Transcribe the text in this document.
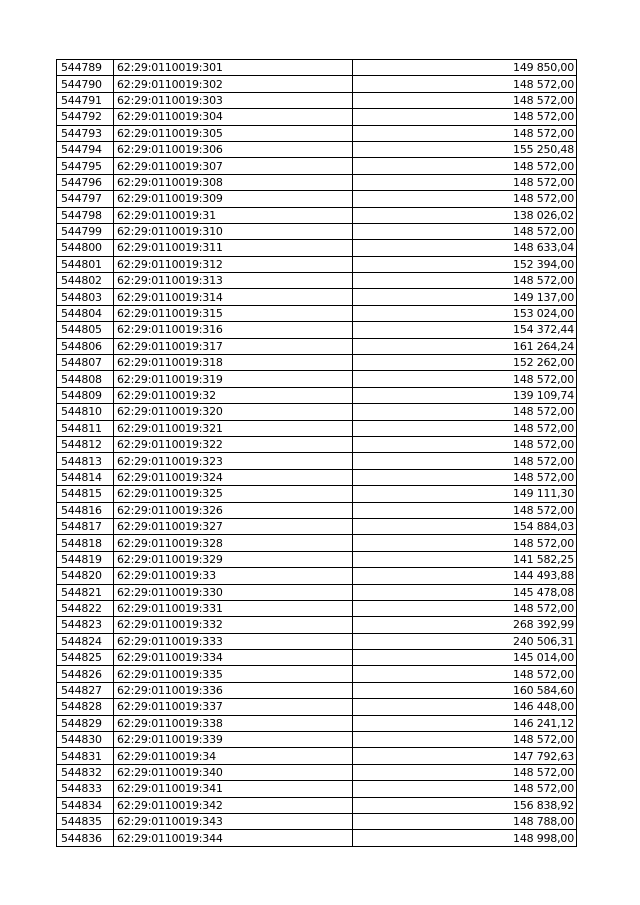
544789	62:29:0110019:301	149 850,00
544790	62:29:0110019:302	148 572,00
544791	62:29:0110019:303	148 572,00
544792	62:29:0110019:304	148 572,00
544793	62:29:0110019:305	148 572,00
544794	62:29:0110019:306	155 250,48
544795	62:29:0110019:307	148 572,00
544796	62:29:0110019:308	148 572,00
544797	62:29:0110019:309	148 572,00
544798	62:29:0110019:31	138 026,02
544799	62:29:0110019:310	148 572,00
544800	62:29:0110019:311	148 633,04
544801	62:29:0110019:312	152 394,00
544802	62:29:0110019:313	148 572,00
544803	62:29:0110019:314	149 137,00
544804	62:29:0110019:315	153 024,00
544805	62:29:0110019:316	154 372,44
544806	62:29:0110019:317	161 264,24
544807	62:29:0110019:318	152 262,00
544808	62:29:0110019:319	148 572,00
544809	62:29:0110019:32	139 109,74
544810	62:29:0110019:320	148 572,00
544811	62:29:0110019:321	148 572,00
544812	62:29:0110019:322	148 572,00
544813	62:29:0110019:323	148 572,00
544814	62:29:0110019:324	148 572,00
544815	62:29:0110019:325	149 111,30
544816	62:29:0110019:326	148 572,00
544817	62:29:0110019:327	154 884,03
544818	62:29:0110019:328	148 572,00
544819	62:29:0110019:329	141 582,25
544820	62:29:0110019:33	144 493,88
544821	62:29:0110019:330	145 478,08
544822	62:29:0110019:331	148 572,00
544823	62:29:0110019:332	268 392,99
544824	62:29:0110019:333	240 506,31
544825	62:29:0110019:334	145 014,00
544826	62:29:0110019:335	148 572,00
544827	62:29:0110019:336	160 584,60
544828	62:29:0110019:337	146 448,00
544829	62:29:0110019:338	146 241,12
544830	62:29:0110019:339	148 572,00
544831	62:29:0110019:34	147 792,63
544832	62:29:0110019:340	148 572,00
544833	62:29:0110019:341	148 572,00
544834	62:29:0110019:342	156 838,92
544835	62:29:0110019:343	148 788,00
544836	62:29:0110019:344	148 998,00
